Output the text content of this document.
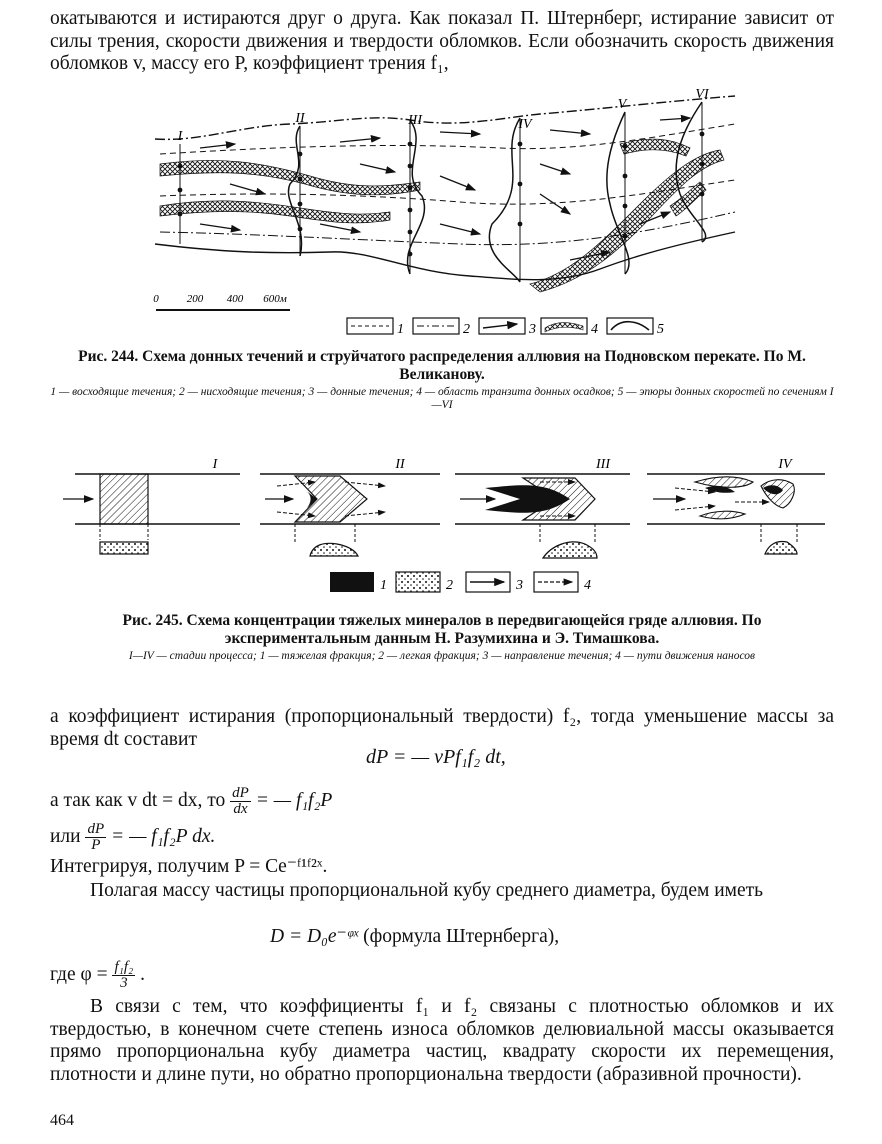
окатываются и истираются друг о друга. Как показал П. Штернберг, истирание зависит от силы трения, скорости движения и твердости обломков. Если обозначить скорость движения обломков v, массу его P, коэффициент трения f₁,

I
II	III	IV
V
VI
0	200 400 600м
1	2	3	4	5
Рис. 244. Схема донных течений и струйчатого распределения аллювия на Подновском перекате. По М. Великанову.
1 — восходящие течения; 2 — нисходящие течения; 3 — донные течения; 4 — область транзита донных осадков; 5 — эпюры донных скоростей по сечениям I—VI
I	II	III	IV
1	2	3	4
Рис. 245. Схема концентрации тяжелых минералов в передвигающейся гряде аллювия. По экспериментальным данным Н. Разумихина и Э. Тимашкова.
I—IV — стадии процесса; 1 — тяжелая фракция; 2 — легкая фракция; 3 — направление течения; 4 — пути движения наносов

а коэффициент истирания (пропорциональный твердости) f₂, тогда уменьшение массы за время dt составит

dP = — vPf₁f₂ dt,
а так как v dt = dx, то $\frac{dP}{dx}$ = — f₁f₂P
или $\frac{dP}{P}$ = — f₁f₂P dx.

Интегрируя, получим P = Ce⁻ᶠ¹ᶠ²ˣ.

Полагая массу частицы пропорциональной кубу среднего диаметра, будем иметь

D = D₀e⁻ᵠˣ (формула Штернберга),
где $\varphi = \frac{\text{f₁f₂}}{3}$ .

В связи с тем, что коэффициенты f₁ и f₂ связаны с плотностью обломков и их твердостью, в конечном счете степень износа обломков делювиальной массы оказывается прямо пропорциональна кубу диаметра частиц, квадрату скорости их перемещения, плотности и длине пути, но обратно пропорциональна твердости (абразивной прочности).

464
